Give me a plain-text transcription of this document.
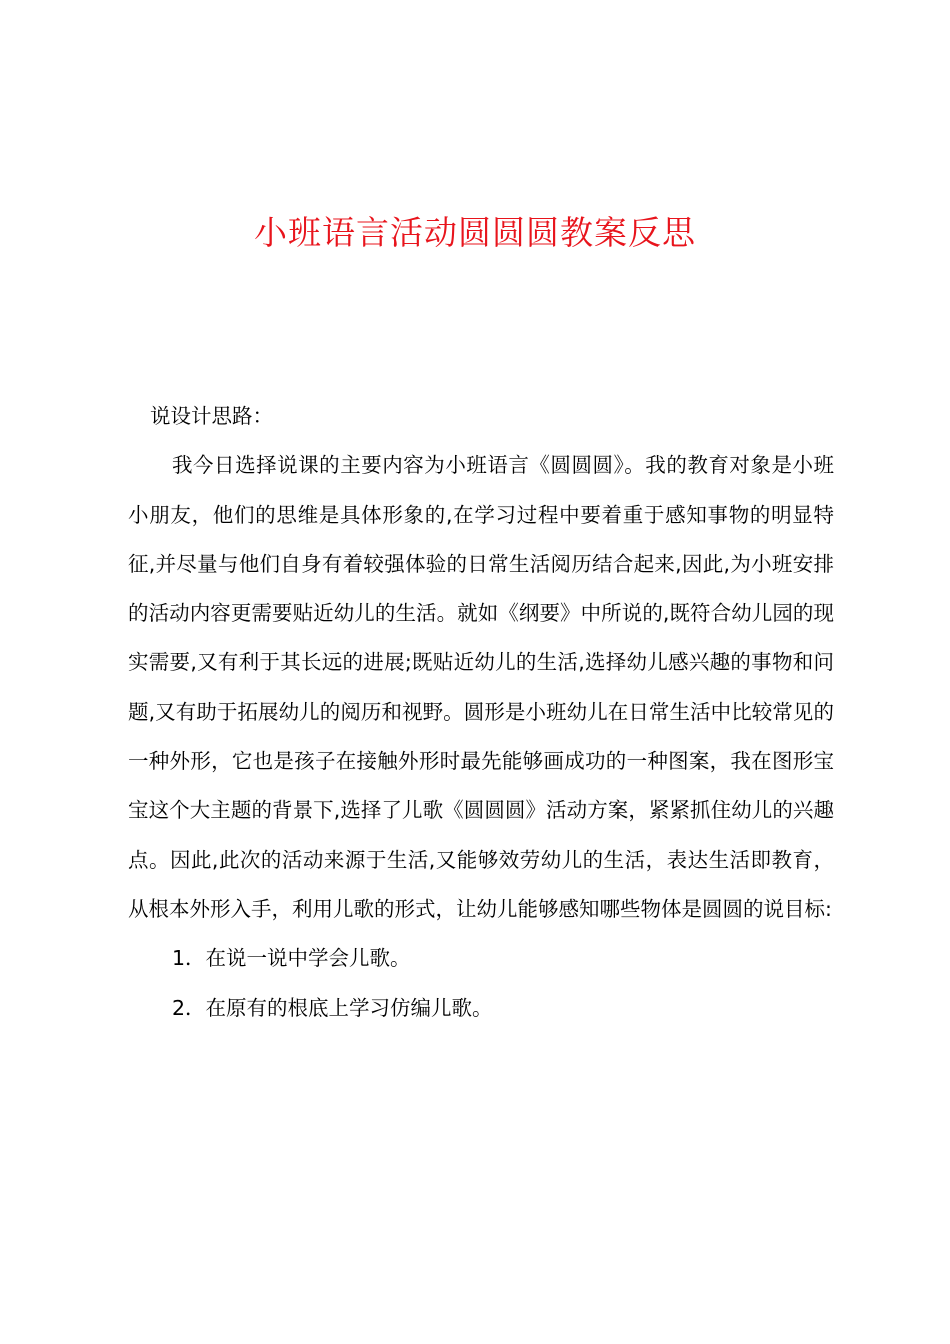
小班语言活动圆圆圆教案反思

说设计思路：

我今日选择说课的主要内容为小班语言《圆圆圆》。我的教育对象是小班小朋友，他们的思维是具体形象的,在学习过程中要着重于感知事物的明显特征,并尽量与他们自身有着较强体验的日常生活阅历结合起来,因此,为小班安排的活动内容更需要贴近幼儿的生活。就如《纲要》中所说的,既符合幼儿园的现实需要,又有利于其长远的进展;既贴近幼儿的生活,选择幼儿感兴趣的事物和问题,又有助于拓展幼儿的阅历和视野。圆形是小班幼儿在日常生活中比较常见的一种外形，它也是孩子在接触外形时最先能够画成功的一种图案，我在图形宝宝这个大主题的背景下,选择了儿歌《圆圆圆》活动方案，紧紧抓住幼儿的兴趣点。因此,此次的活动来源于生活,又能够效劳幼儿的生活，表达生活即教育，从根本外形入手，利用儿歌的形式，让幼儿能够感知哪些物体是圆圆的说目标:

1．在说一说中学会儿歌。

2．在原有的根底上学习仿编儿歌。
